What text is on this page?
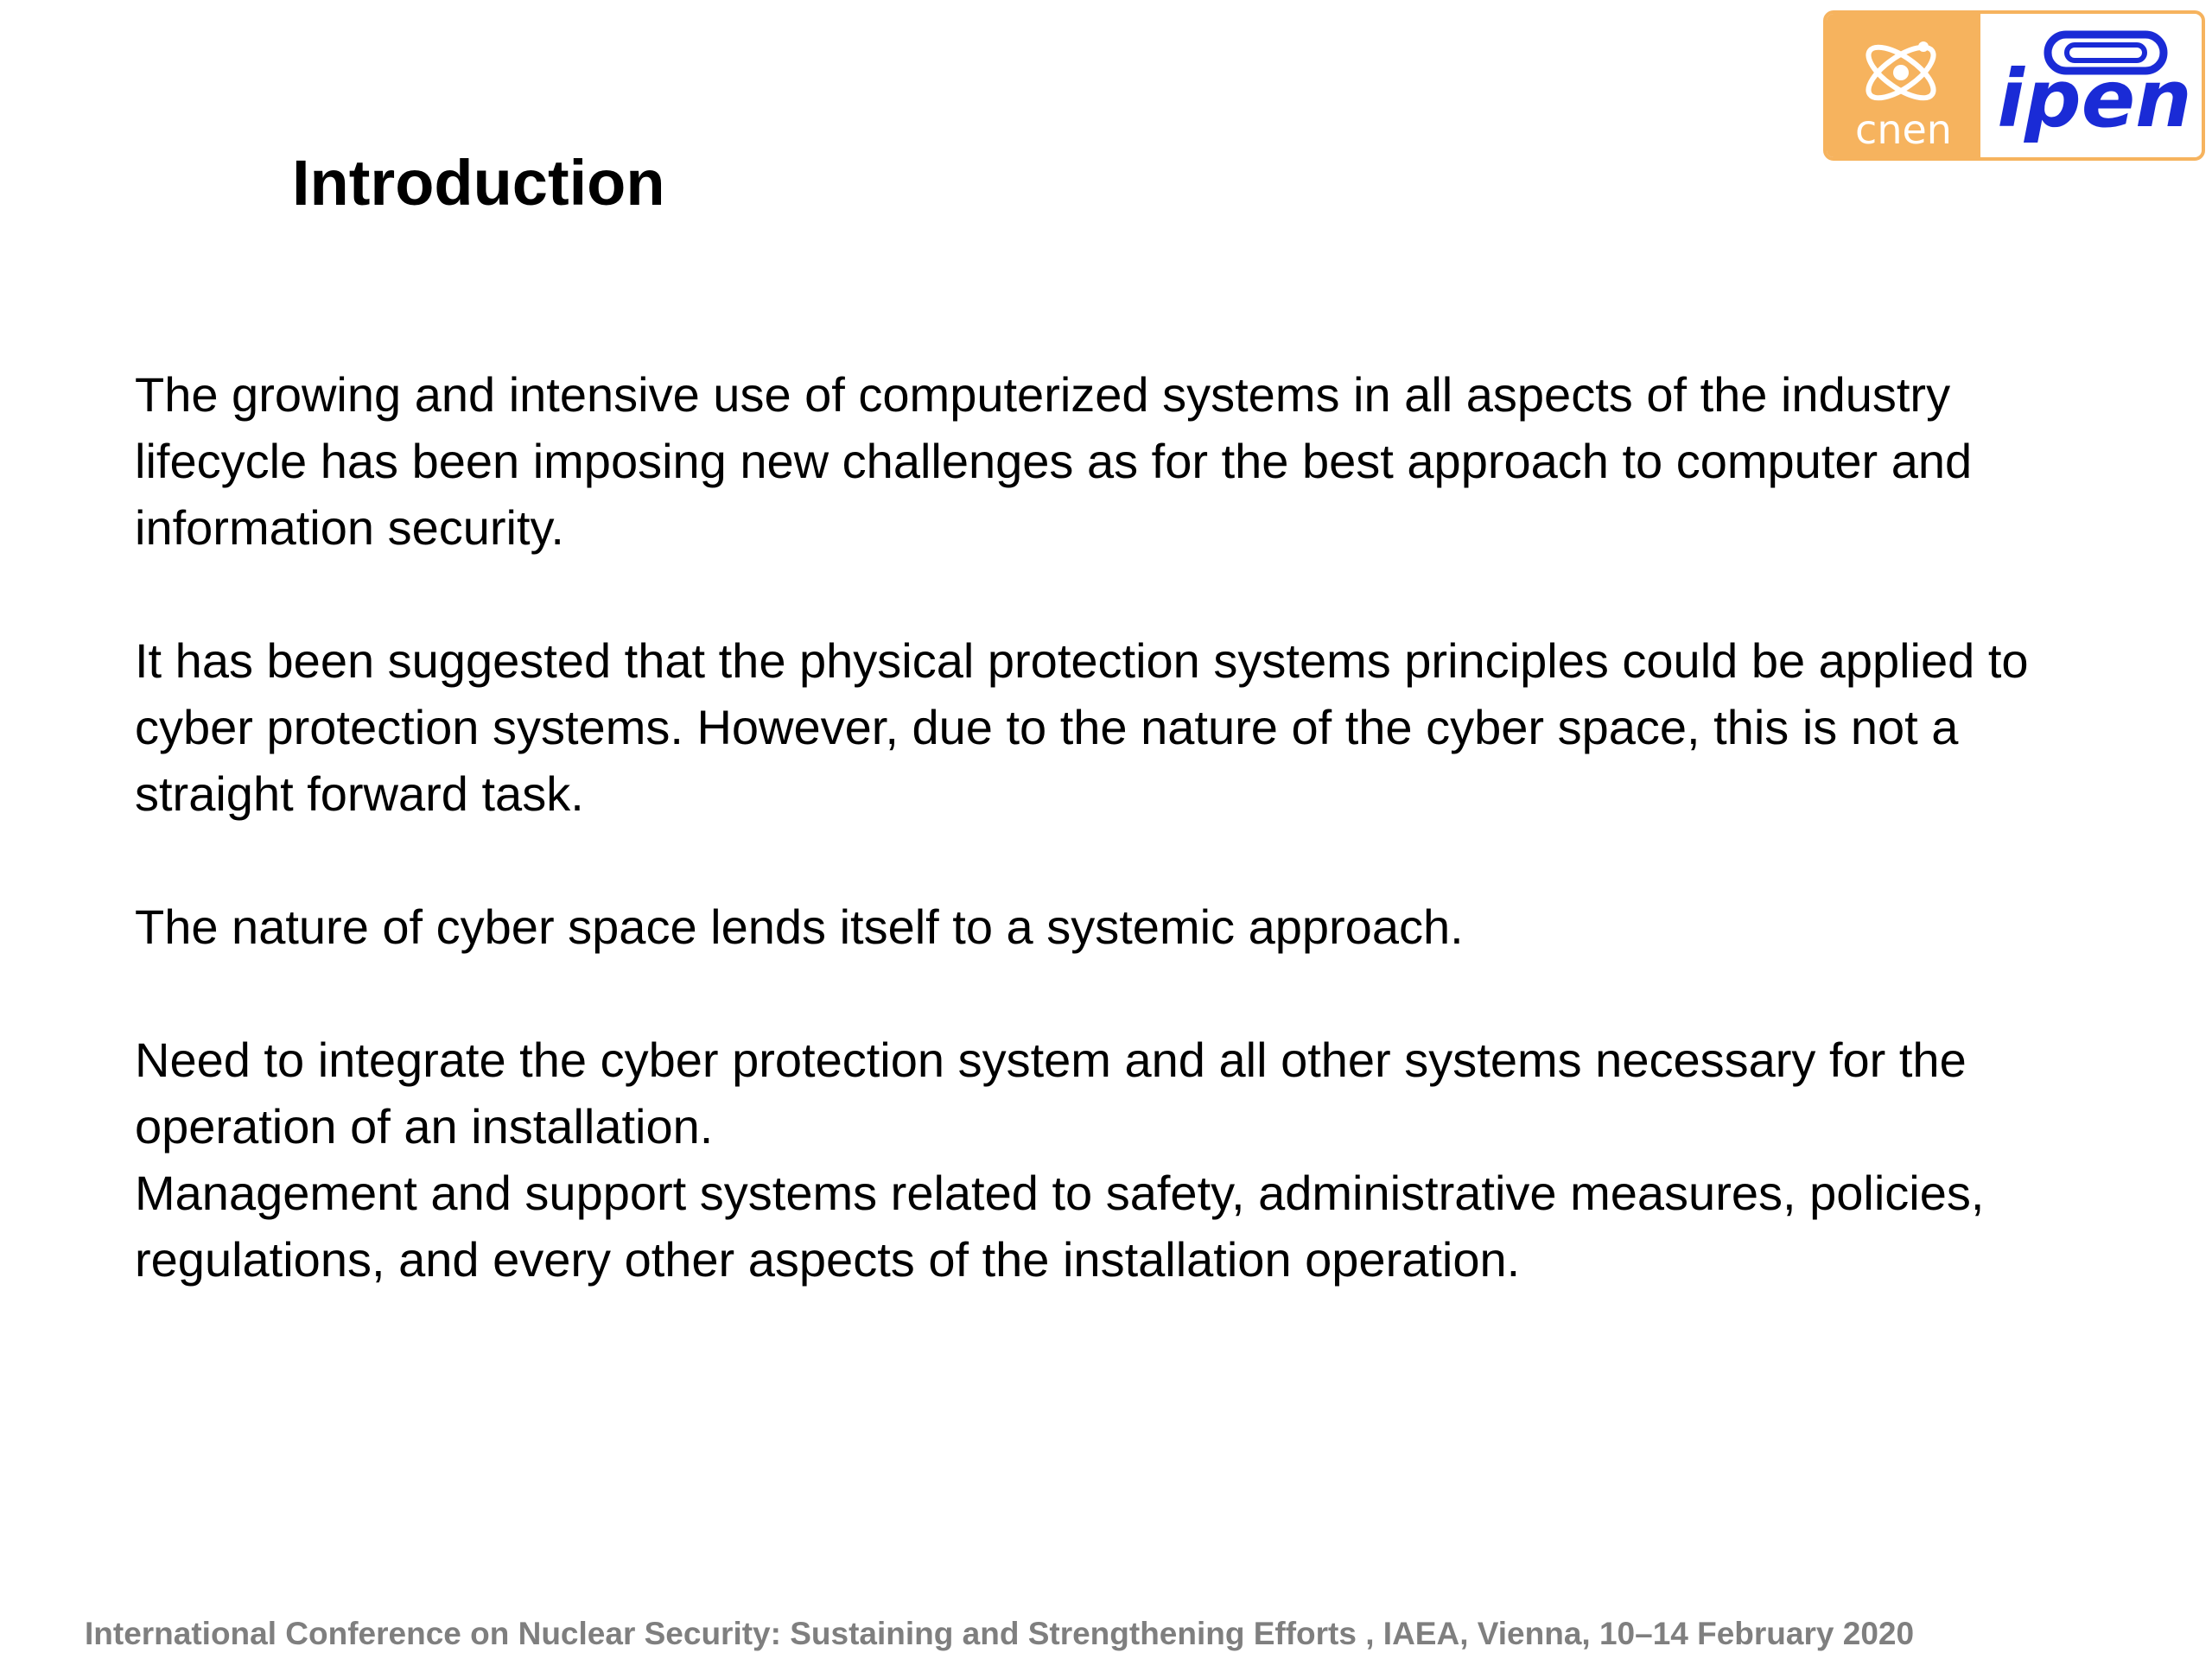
cnen ipen
Introduction

The growing and intensive use of computerized systems in all aspects of the industry lifecycle has been imposing new challenges as for the best approach to computer and information security.

It has been suggested that the physical protection systems principles could be applied to cyber protection systems. However, due to the nature of the cyber space, this is not a straight forward task.

The nature of cyber space lends itself to a systemic approach.

Need to integrate the cyber protection system and all other systems necessary for the operation of an installation.

Management and support systems related to safety, administrative measures, policies, regulations, and every other aspects of the installation operation.

International Conference on Nuclear Security: Sustaining and Strengthening Efforts , IAEA, Vienna, 10–14 February 2020
